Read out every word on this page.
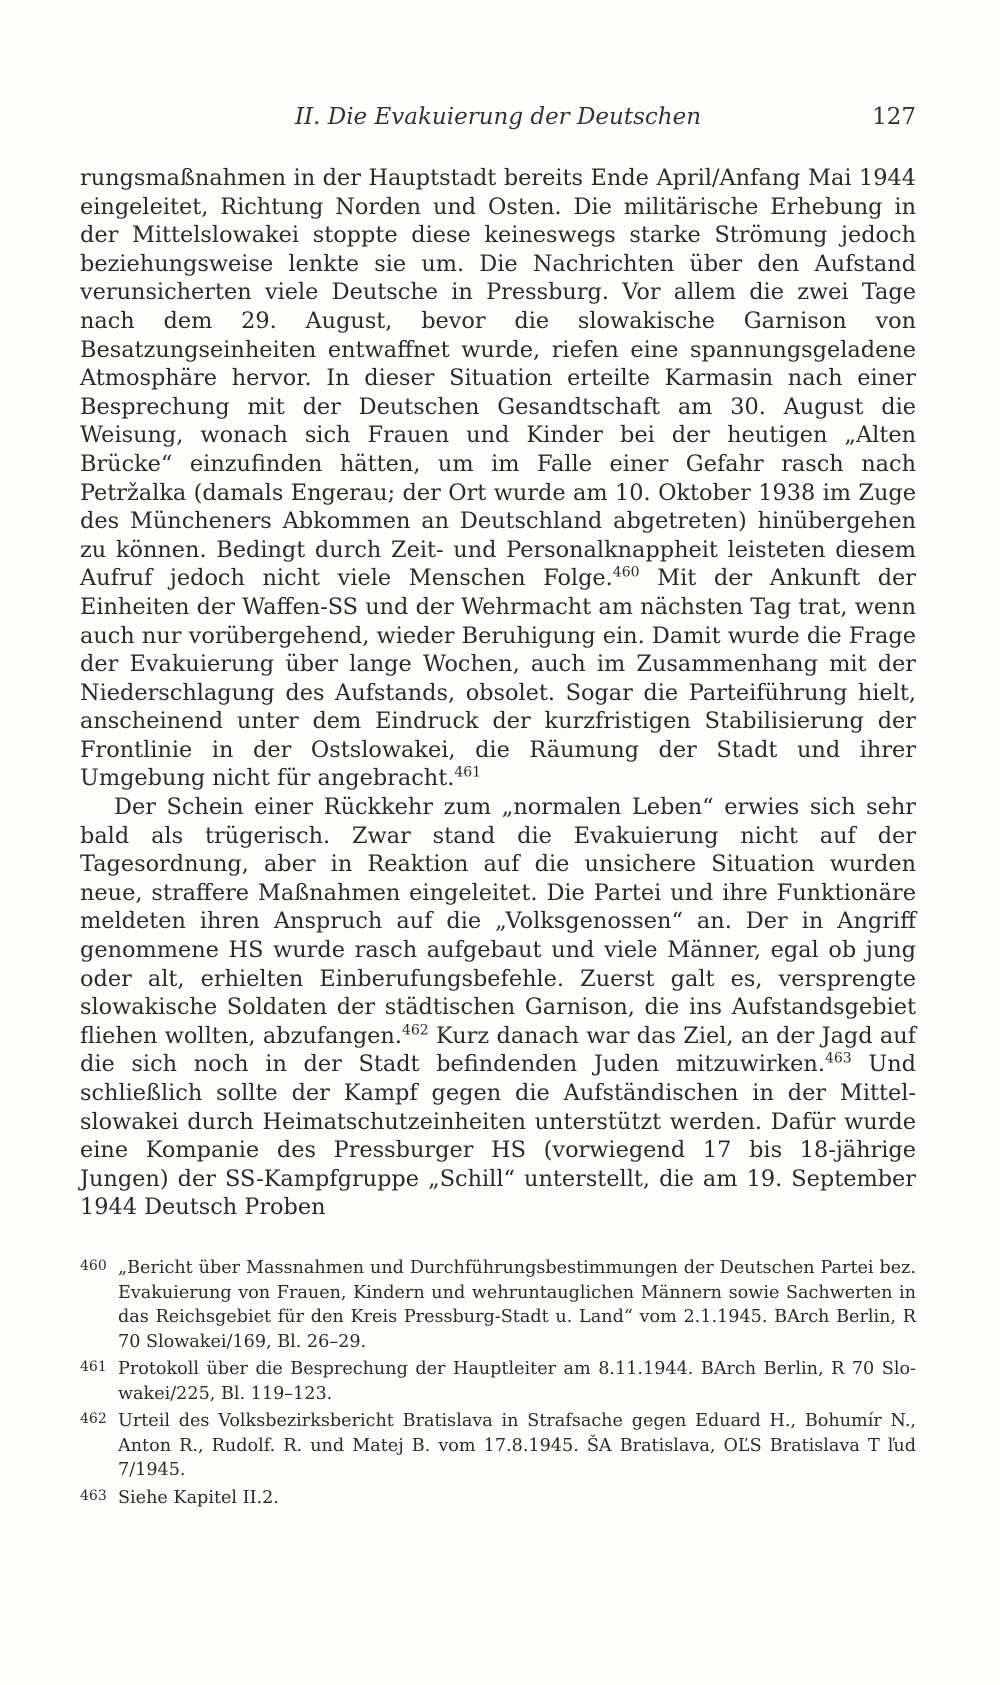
II. Die Evakuierung der Deutschen	127

rungsmaßnahmen in der Hauptstadt bereits Ende April/Anfang Mai 1944 eingeleitet, Richtung Norden und Osten. Die militärische Erhebung in der Mittelslowakei stoppte diese keineswegs starke Strömung jedoch beziehungsweise lenkte sie um. Die Nachrichten über den Aufstand verunsicherten viele Deutsche in Pressburg. Vor allem die zwei Tage nach dem 29. August, bevor die slowakische Garnison von Besatzungseinheiten entwaffnet wurde, riefen eine spannungsgeladene Atmosphäre hervor. In dieser Situation erteilte Karmasin nach einer Besprechung mit der Deutschen Gesandtschaft am 30. August die Weisung, wonach sich Frauen und Kinder bei der heutigen „Alten Brücke“ einzufinden hätten, um im Falle einer Gefahr rasch nach Petržalka (damals Engerau; der Ort wurde am 10. Oktober 1938 im Zuge des Müncheners Abkommen an Deutschland abgetreten) hinübergehen zu können. Bedingt durch Zeit- und Personalknappheit leisteten diesem Aufruf jedoch nicht viele Menschen Folge.$^{460}$ Mit der Ankunft der Einheiten der Waffen-SS und der Wehrmacht am nächsten Tag trat, wenn auch nur vorübergehend, wieder Beruhigung ein. Damit wurde die Frage der Evakuierung über lange Wochen, auch im Zusammenhang mit der Niederschlagung des Aufstands, obsolet. Sogar die Parteiführung hielt, anscheinend unter dem Eindruck der kurzfristigen Stabilisierung der Frontlinie in der Ostslowakei, die Räumung der Stadt und ihrer Umgebung nicht für angebracht.$^{461}$

Der Schein einer Rückkehr zum „normalen Leben“ erwies sich sehr bald als trügerisch. Zwar stand die Evakuierung nicht auf der Tagesordnung, aber in Reaktion auf die unsichere Situation wurden neue, straffere Maßnahmen eingeleitet. Die Partei und ihre Funktionäre meldeten ihren Anspruch auf die „Volksgenossen“ an. Der in Angriff genommene HS wurde rasch aufgebaut und viele Männer, egal ob jung oder alt, erhielten Einberufungsbefehle. Zuerst galt es, versprengte slowakische Soldaten der städtischen Garnison, die ins Aufstandsgebiet fliehen wollten, abzufangen.$^{462}$ Kurz danach war das Ziel, an der Jagd auf die sich noch in der Stadt befindenden Juden mitzuwirken.$^{463}$ Und schließlich sollte der Kampf gegen die Aufständischen in der Mittelslowakei durch Heimatschutzeinheiten unterstützt werden. Dafür wurde eine Kompanie des Pressburger HS (vorwiegend 17 bis 18-jährige Jungen) der SS-Kampfgruppe „Schill“ unterstellt, die am 19. September 1944 Deutsch Proben

460 „Bericht über Massnahmen und Durchführungsbestimmungen der Deutschen Partei bez. Evakuierung von Frauen, Kindern und wehruntauglichen Männern sowie Sachwerten in das Reichsgebiet für den Kreis Pressburg-Stadt u. Land“ vom 2.1.1945. BArch Berlin, R 70 Slowakei/169, Bl. 26–29.
461 Protokoll über die Besprechung der Hauptleiter am 8.11.1944. BArch Berlin, R 70 Slowakei/225, Bl. 119–123.
462 Urteil des Volksbezirksbericht Bratislava in Strafsache gegen Eduard H., Bohumír N., Anton R., Rudolf. R. und Matej B. vom 17.8.1945. ŠA Bratislava, OĽS Bratislava T ľud 7/1945.
463 Siehe Kapitel II.2.
